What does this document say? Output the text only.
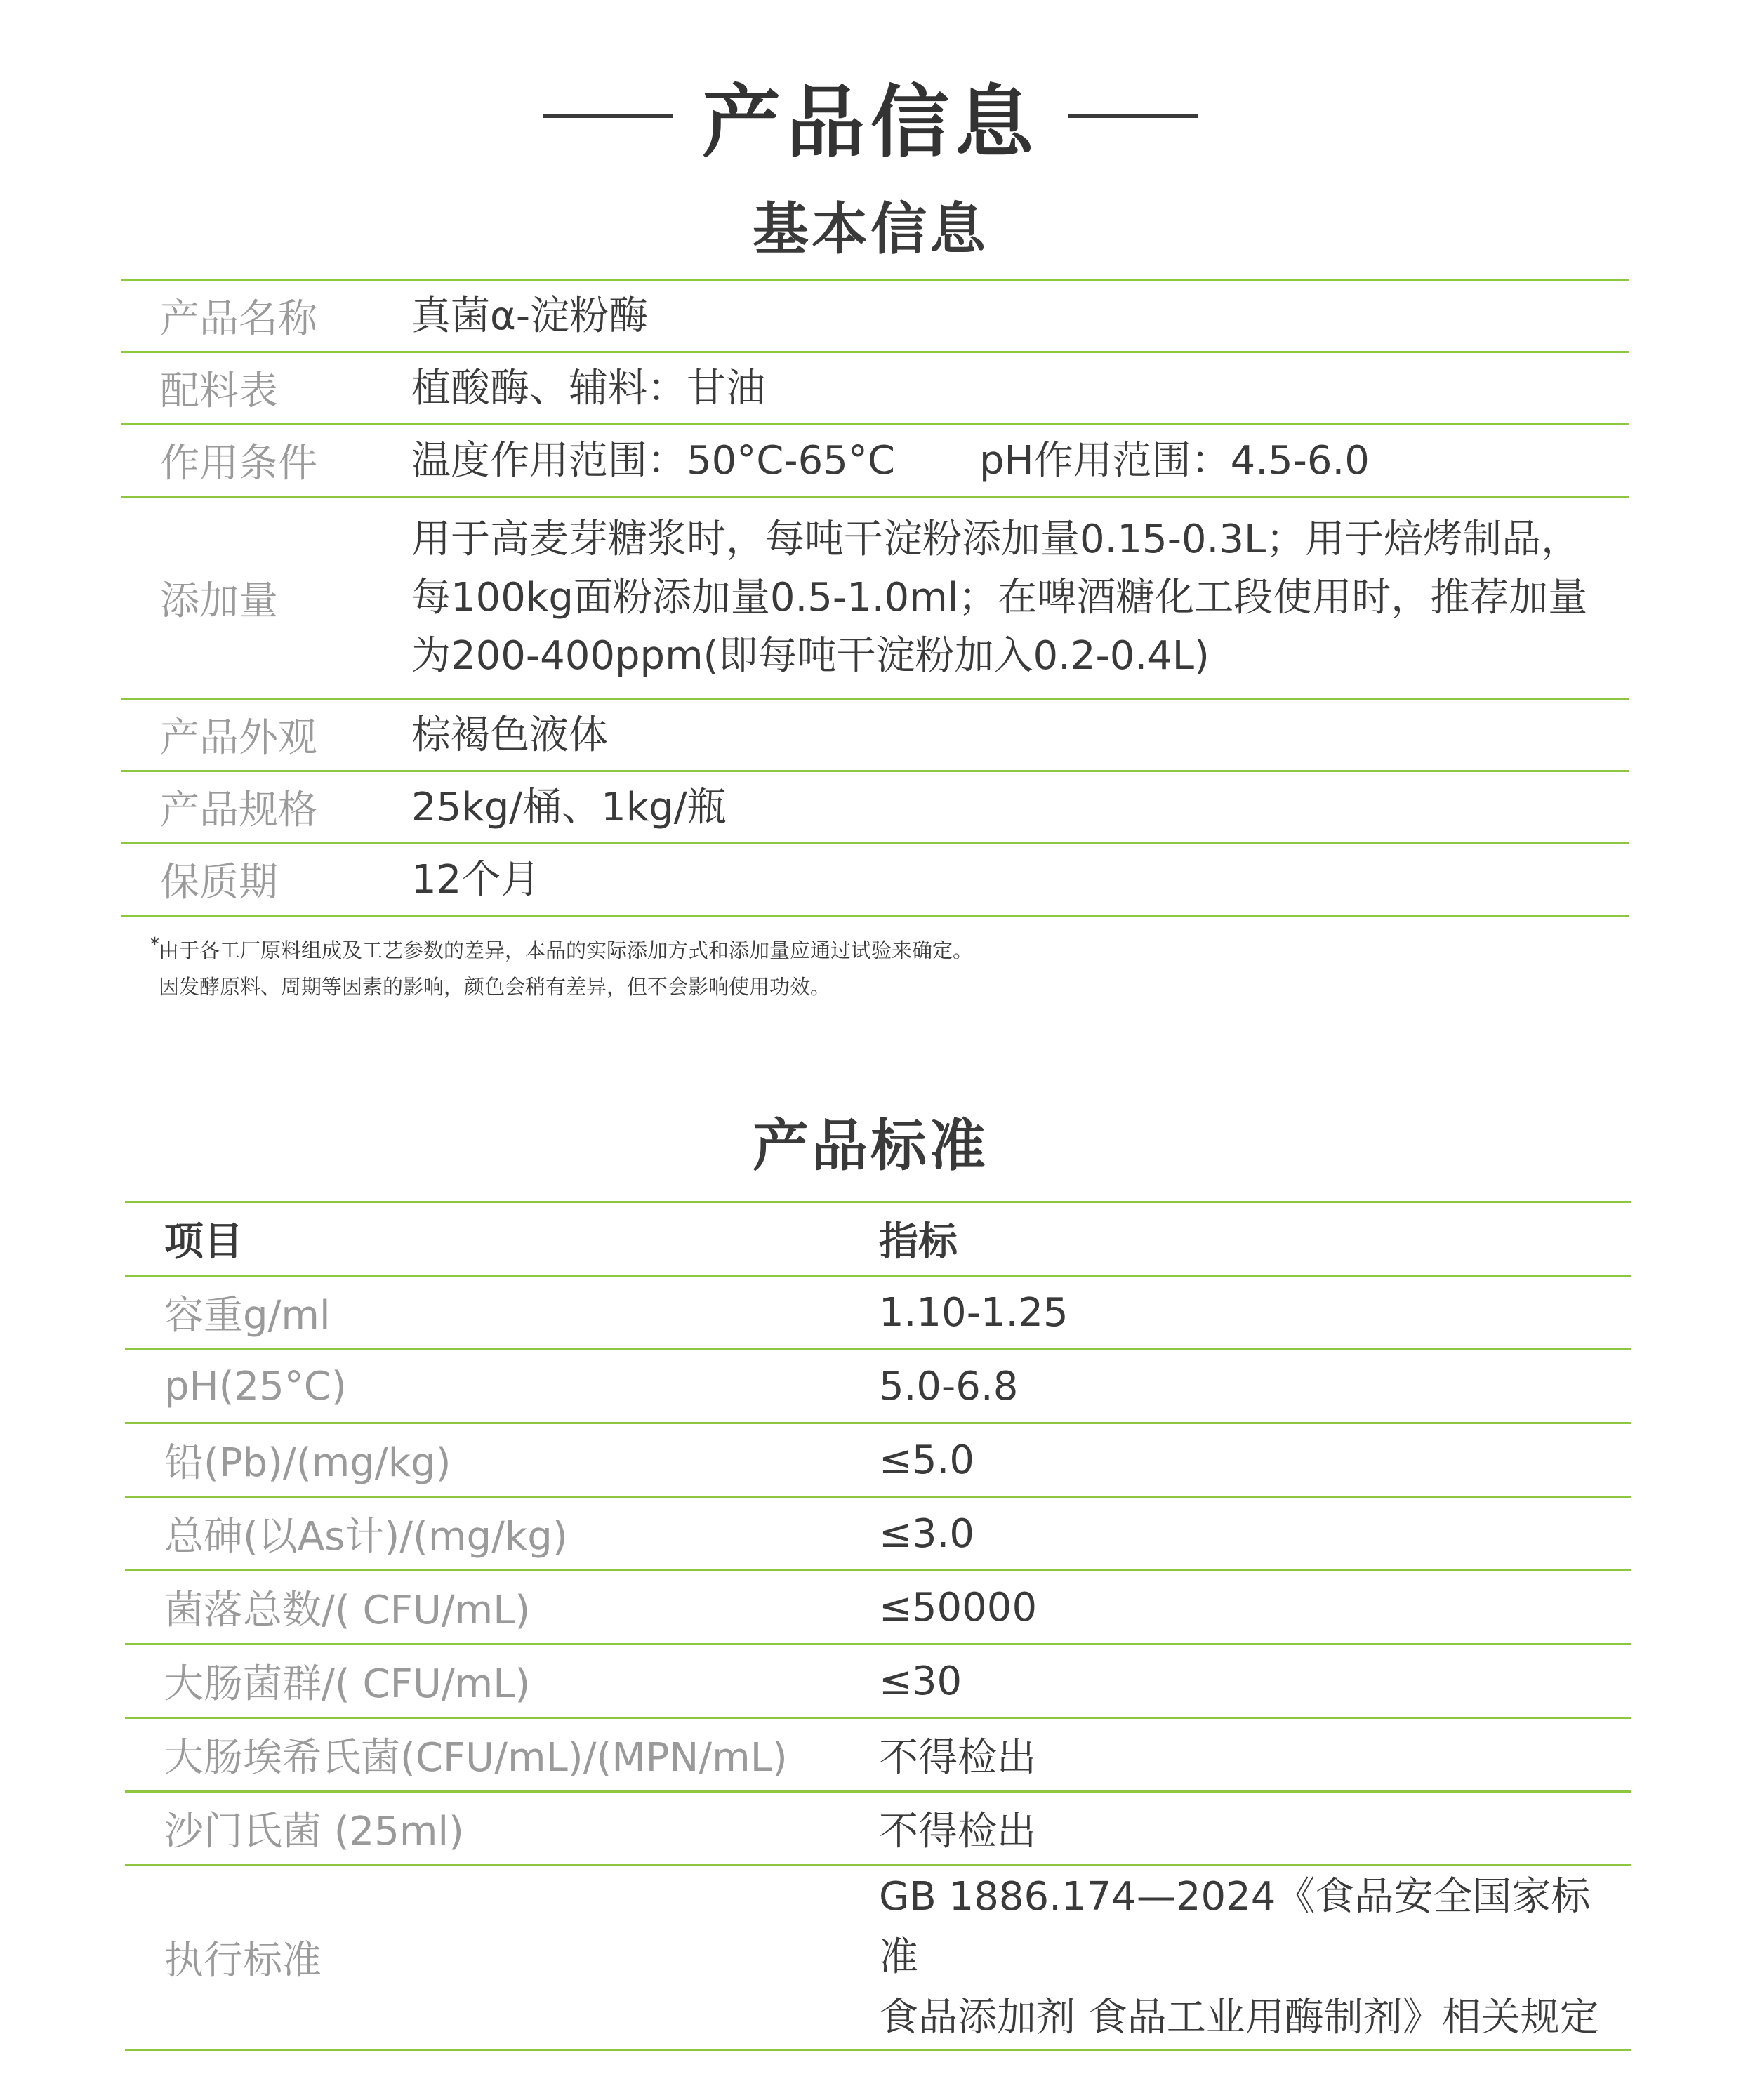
产品信息
基本信息
产品名称	真菌α-淀粉酶
配料表	植酸酶、辅料：甘油
作用条件	温度作用范围：50°C-65°C pH作用范围：4.5-6.0
添加量	用于高麦芽糖浆时，每吨干淀粉添加量0.15-0.3L；用于焙烤制品，
每100kg面粉添加量0.5-1.0ml；在啤酒糖化工段使用时，推荐加量
为200-400ppm(即每吨干淀粉加入0.2-0.4L)

产品外观	棕褐色液体
产品规格	25kg/桶、1kg/瓶
保质期	12个月
* 由于各工厂原料组成及工艺参数的差异，本品的实际添加方式和添加量应通过试验来确定。
因发酵原料、周期等因素的影响，颜色会稍有差异，但不会影响使用功效。
产品标准
项目	指标
容重g/ml	1.10-1.25
pH(25°C)	5.0-6.8
铅(Pb)/(mg/kg)	≤5.0
总砷(以As计)/(mg/kg)	≤3.0
菌落总数/( CFU/mL)	≤50000
大肠菌群/( CFU/mL)	≤30
大肠埃希氏菌(CFU/mL)/(MPN/mL)	不得检出
沙门氏菌 (25ml)	不得检出
执行标准	GB 1886.174—2024《食品安全国家标准
食品添加剂 食品工业用酶制剂》相关规定
